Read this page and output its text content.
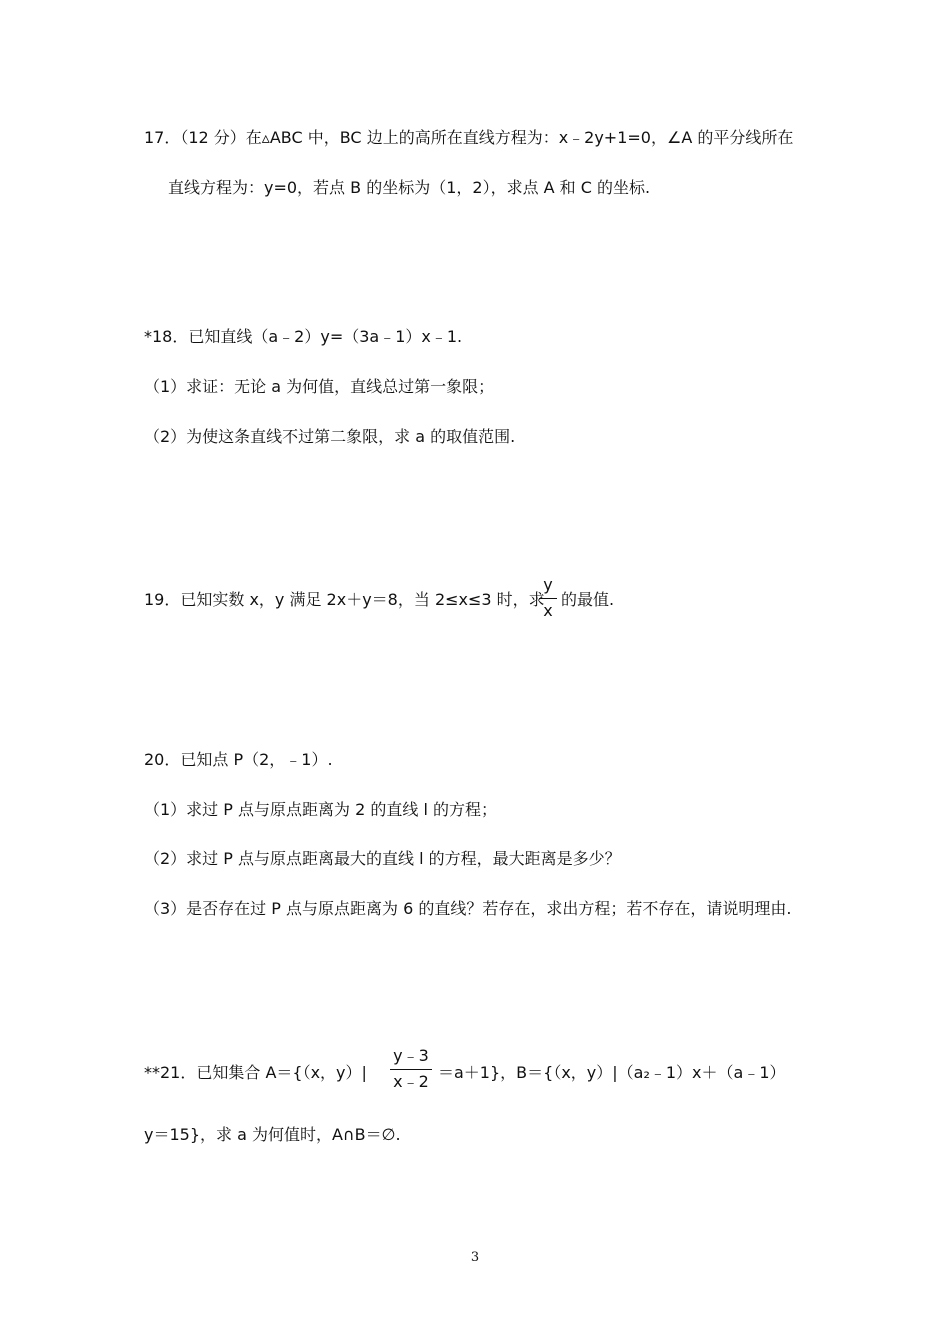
17．（12 分）在▵ABC 中，BC 边上的高所在直线方程为：x﹣2y+1=0，∠A 的平分线所在
直线方程为：y=0，若点 B 的坐标为（1，2），求点 A 和 C 的坐标.
*18．已知直线（a﹣2）y=（3a﹣1）x﹣1.
（1）求证：无论 a 为何值，直线总过第一象限；
（2）为使这条直线不过第二象限，求 a 的取值范围.
19．已知实数 x，y 满足 2x＋y＝8，当 2≤x≤3 时，求
y
x
的最值.
20．已知点 P（2，﹣1）.
（1）求过 P 点与原点距离为 2 的直线 l 的方程；
（2）求过 P 点与原点距离最大的直线 l 的方程，最大距离是多少？
（3）是否存在过 P 点与原点距离为 6 的直线？若存在，求出方程；若不存在，请说明理由.
**21．已知集合 A＝{（x，y）|
y﹣3
x﹣2 ＝a＋1}，B＝{（x，y）|（a₂﹣1）x＋（a﹣1）
y＝15}，求 a 为何值时，A∩B＝∅.
3
